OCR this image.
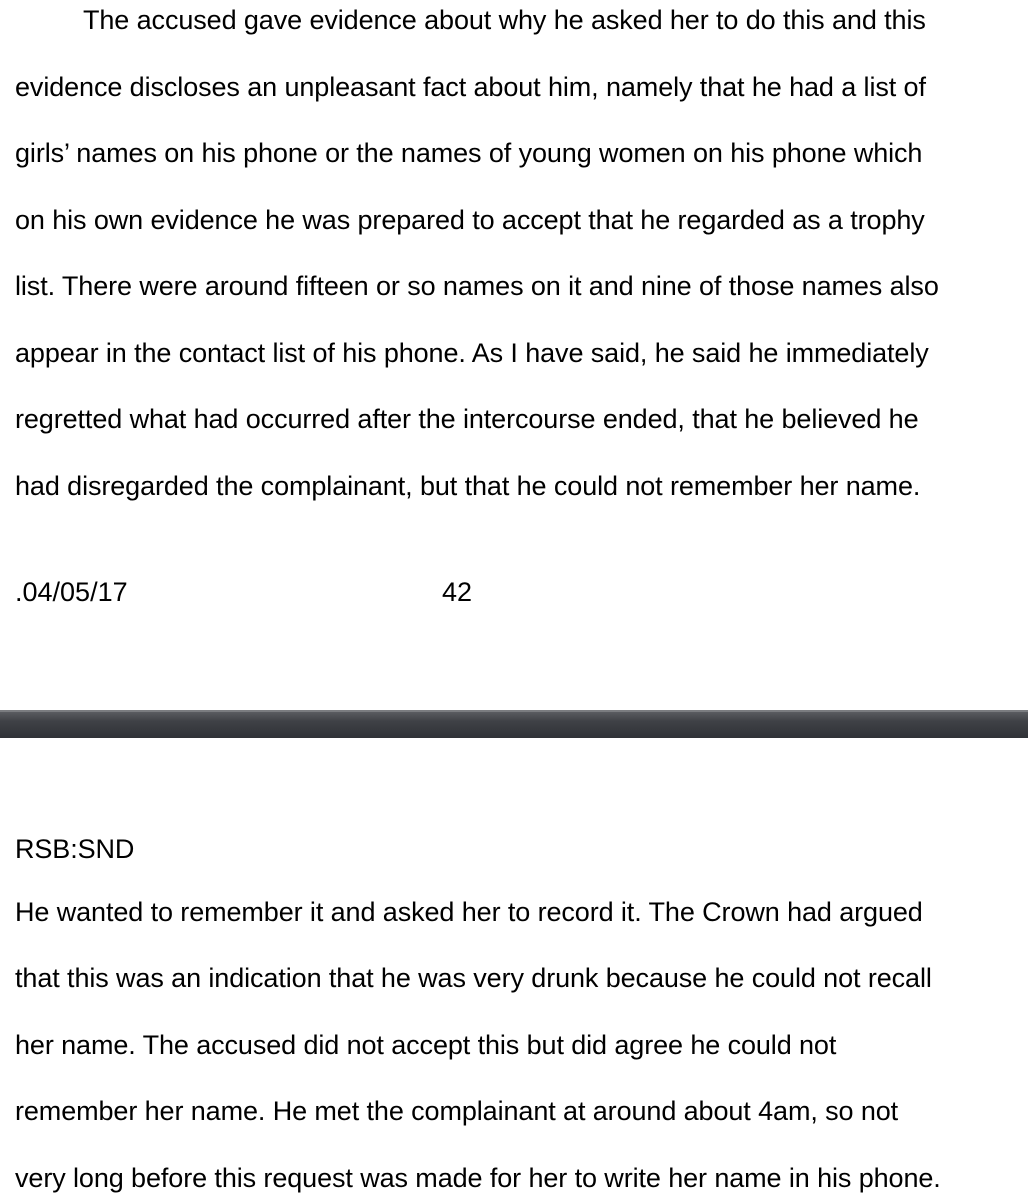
The accused gave evidence about why he asked her to do this and this

evidence discloses an unpleasant fact about him, namely that he had a list of

girls’ names on his phone or the names of young women on his phone which

on his own evidence he was prepared to accept that he regarded as a trophy

list. There were around fifteen or so names on it and nine of those names also

appear in the contact list of his phone. As I have said, he said he immediately

regretted what had occurred after the intercourse ended, that he believed he

had disregarded the complainant, but that he could not remember her name.

.04/05/17	42

RSB:SND

He wanted to remember it and asked her to record it. The Crown had argued

that this was an indication that he was very drunk because he could not recall

her name. The accused did not accept this but did agree he could not

remember her name. He met the complainant at around about 4am, so not

very long before this request was made for her to write her name in his phone.
